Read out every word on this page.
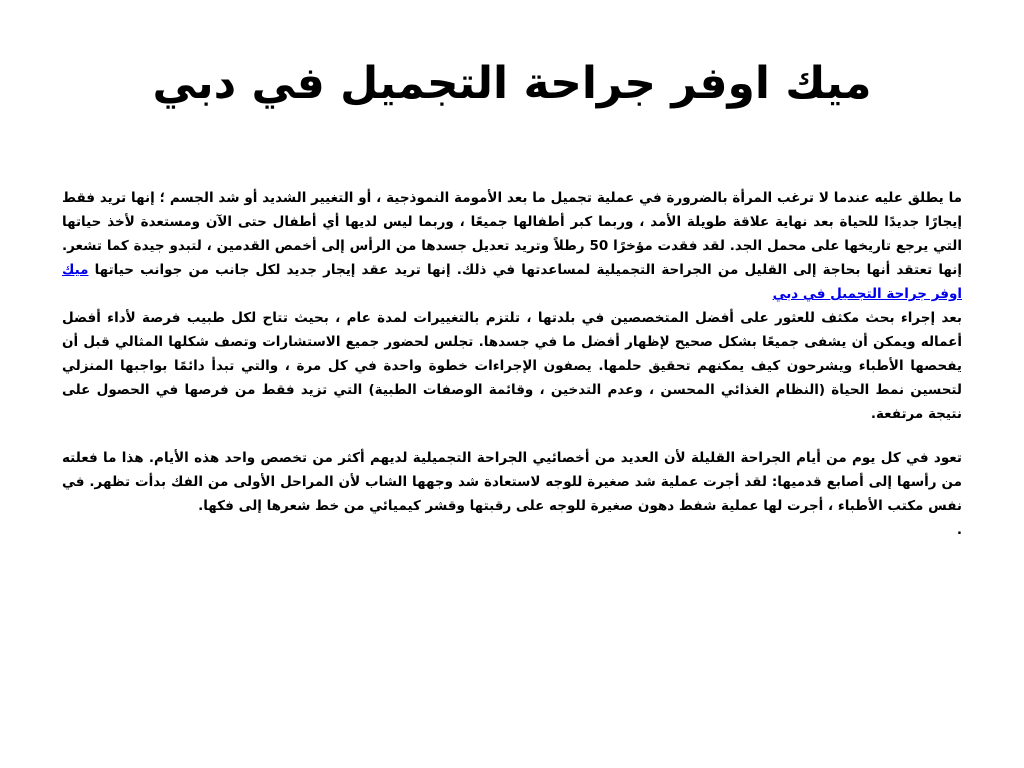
ميك اوفر جراحة التجميل في دبي

ما يطلق عليه عندما لا ترغب المرأة بالضرورة في عملية تجميل ما بعد الأمومة النموذجية ، أو التغيير الشديد أو شد الجسم ؛ إنها تريد فقط إيجارًا جديدًا للحياة بعد نهاية علاقة طويلة الأمد ، وربما كبر أطفالها جميعًا ، وربما ليس لديها أي أطفال حتى الآن ومستعدة لأخذ حياتها التي يرجع تاريخها على محمل الجد. لقد فقدت مؤخرًا 50 رطلاً وتريد تعديل جسدها من الرأس إلى أخمص القدمين ، لتبدو جيدة كما تشعر. إنها تعتقد أنها بحاجة إلى القليل من الجراحة التجميلية لمساعدتها في ذلك. إنها تريد عقد إيجار جديد لكل جانب من جوانب حياتها ميك اوفر جراحة التجميل في دبي

بعد إجراء بحث مكثف للعثور على أفضل المتخصصين في بلدتها ، تلتزم بالتغييرات لمدة عام ، بحيث تتاح لكل طبيب فرصة لأداء أفضل أعماله ويمكن أن يشفى جميعًا بشكل صحيح لإظهار أفضل ما في جسدها. تجلس لحضور جميع الاستشارات وتصف شكلها المثالي قبل أن يفحصها الأطباء ويشرحون كيف يمكنهم تحقيق حلمها. يصفون الإجراءات خطوة واحدة في كل مرة ، والتي تبدأ دائمًا بواجبها المنزلي لتحسين نمط الحياة (النظام الغذائي المحسن ، وعدم التدخين ، وقائمة الوصفات الطبية) التي تزيد فقط من فرصها في الحصول على نتيجة مرتفعة.

تعود في كل يوم من أيام الجراحة القليلة لأن العديد من أخصائيي الجراحة التجميلية لديهم أكثر من تخصص واحد هذه الأيام. هذا ما فعلته من رأسها إلى أصابع قدميها: لقد أجرت عملية شد صغيرة للوجه لاستعادة شد وجهها الشاب لأن المراحل الأولى من الفك بدأت تظهر. في نفس مكتب الأطباء ، أجرت لها عملية شفط دهون صغيرة للوجه على رقبتها وقشر كيميائي من خط شعرها إلى فكها.

.
